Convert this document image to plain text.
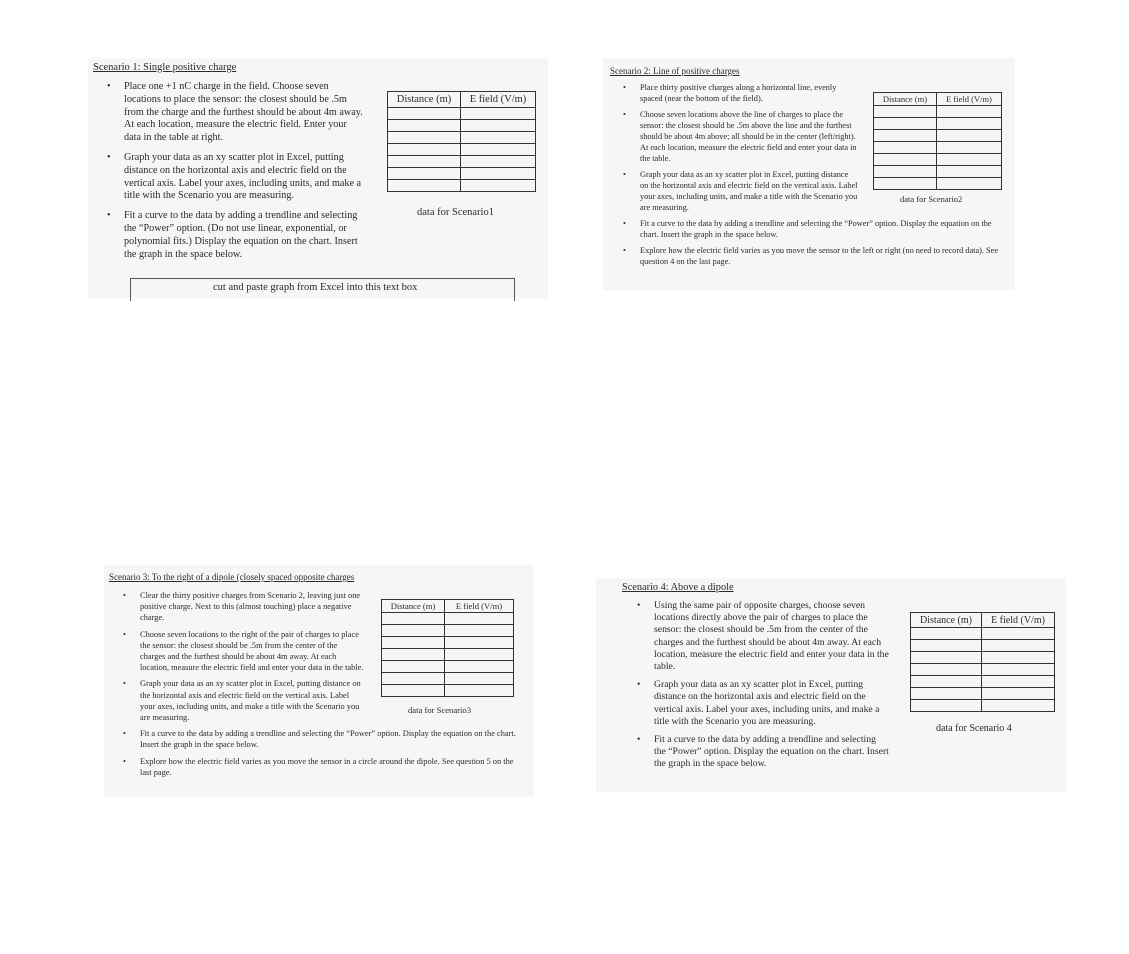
Scenario 1: Single positive charge
• Place one +1 nC charge in the field. Choose seven locations to place the sensor: the closest should be .5m from the charge and the furthest should be about 4m away. At each location, measure the electric field. Enter your data in the table at right.
• Graph your data as an xy scatter plot in Excel, putting distance on the horizontal axis and electric field on the vertical axis. Label your axes, including units, and make a title with the Scenario you are measuring.
• Fit a curve to the data by adding a trendline and selecting the “Power” option. (Do not use linear, exponential, or polynomial fits.) Display the equation on the chart. Insert the graph in the space below.
Distance (m)	E field (V/m)

data for Scenario1
cut and paste graph from Excel into this text box
Scenario 2: Line of positive charges
• Place thirty positive charges along a horizontal line, evenly spaced (near the bottom of the field).
• Choose seven locations above the line of charges to place the sensor: the closest should be .5m above the line and the furthest should be about 4m above; all should be in the center (left/right). At each location, measure the electric field and enter your data in the table.
• Graph your data as an xy scatter plot in Excel, putting distance on the horizontal axis and electric field on the vertical axis. Label your axes, including units, and make a title with the Scenario you are measuring.
• Fit a curve to the data by adding a trendline and selecting the “Power” option. Display the equation on the chart. Insert the graph in the space below.
• Explore how the electric field varies as you move the sensor to the left or right (no need to record data). See question 4 on the last page.
Distance (m)	E field (V/m)

data for Scenario2
Scenario 3: To the right of a dipole (closely spaced opposite charges
• Clear the thirty positive charges from Scenario 2, leaving just one positive charge. Next to this (almost touching) place a negative charge.
• Choose seven locations to the right of the pair of charges to place the sensor: the closest should be .5m from the center of the charges and the furthest should be about 4m away. At each location, measure the electric field and enter your data in the table.
• Graph your data as an xy scatter plot in Excel, putting distance on the horizontal axis and electric field on the vertical axis. Label your axes, including units, and make a title with the Scenario you are measuring.
• Fit a curve to the data by adding a trendline and selecting the “Power” option. Display the equation on the chart. Insert the graph in the space below.
• Explore how the electric field varies as you move the sensor in a circle around the dipole. See question 5 on the last page.
Distance (m)	E field (V/m)

data for Scenario3
Scenario 4: Above a dipole
• Using the same pair of opposite charges, choose seven locations directly above the pair of charges to place the sensor: the closest should be .5m from the center of the charges and the furthest should be about 4m away. At each location, measure the electric field and enter your data in the table.
• Graph your data as an xy scatter plot in Excel, putting distance on the horizontal axis and electric field on the vertical axis. Label your axes, including units, and make a title with the Scenario you are measuring.
• Fit a curve to the data by adding a trendline and selecting the “Power” option. Display the equation on the chart. Insert the graph in the space below.
Distance (m)	E field (V/m)

data for Scenario 4
